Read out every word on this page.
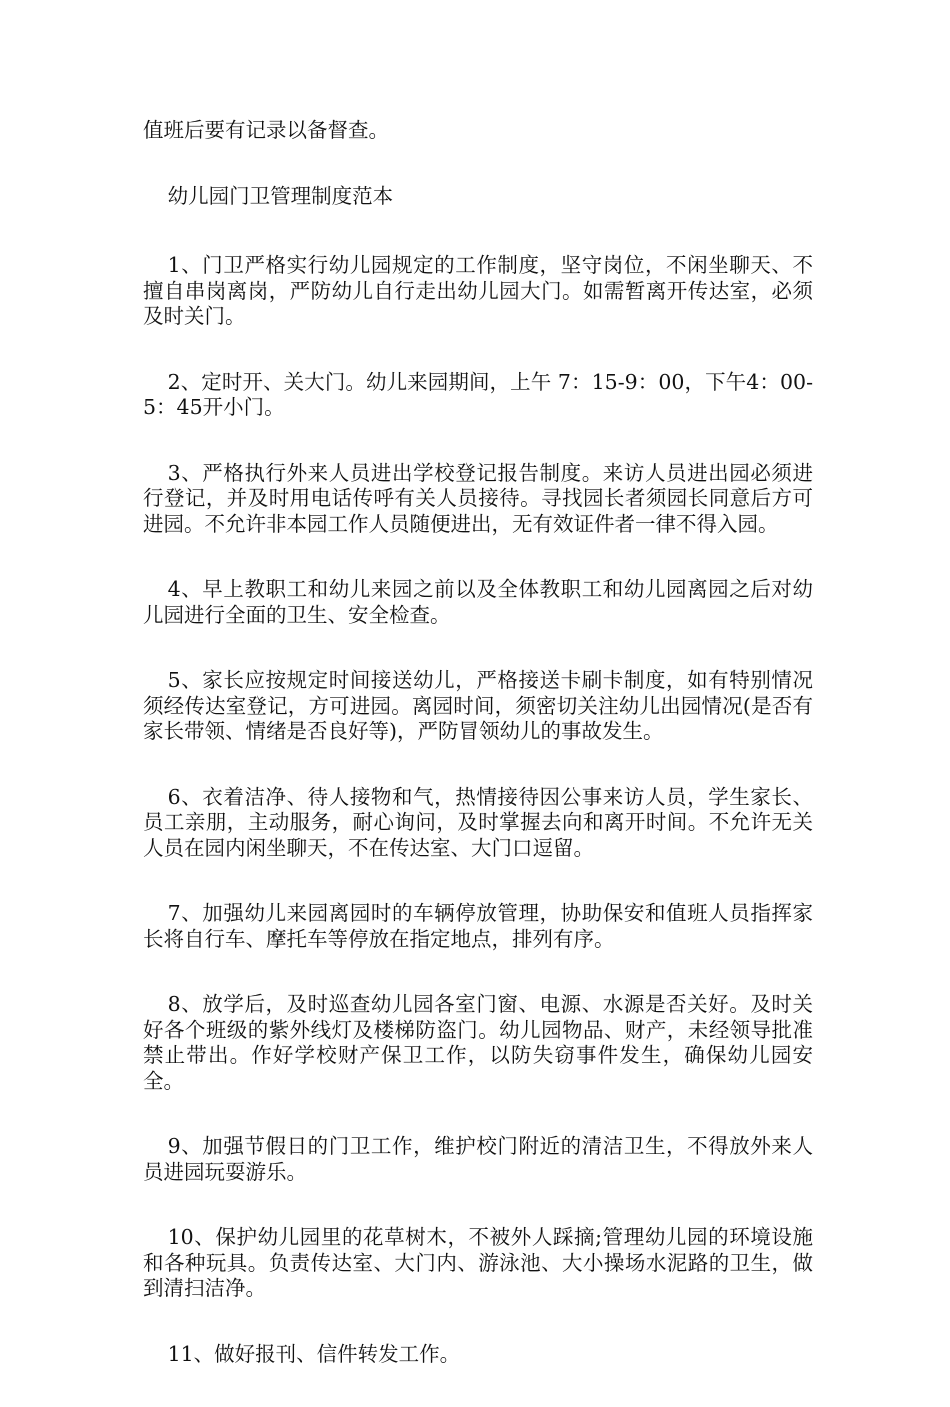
值班后要有记录以备督查。

幼儿园门卫管理制度范本

1、门卫严格实行幼儿园规定的工作制度，坚守岗位，不闲坐聊天、不擅自串岗离岗，严防幼儿自行走出幼儿园大门。如需暂离开传达室，必须及时关门。

2、定时开、关大门。幼儿来园期间，上午 7：15-9：00，下午4：00-5：45开小门。

3、严格执行外来人员进出学校登记报告制度。来访人员进出园必须进行登记，并及时用电话传呼有关人员接待。寻找园长者须园长同意后方可进园。不允许非本园工作人员随便进出，无有效证件者一律不得入园。

4、早上教职工和幼儿来园之前以及全体教职工和幼儿园离园之后对幼儿园进行全面的卫生、安全检查。

5、家长应按规定时间接送幼儿，严格接送卡刷卡制度，如有特别情况须经传达室登记，方可进园。离园时间，须密切关注幼儿出园情况(是否有家长带领、情绪是否良好等)，严防冒领幼儿的事故发生。

6、衣着洁净、待人接物和气，热情接待因公事来访人员，学生家长、员工亲朋，主动服务，耐心询问，及时掌握去向和离开时间。不允许无关人员在园内闲坐聊天，不在传达室、大门口逗留。

7、加强幼儿来园离园时的车辆停放管理，协助保安和值班人员指挥家长将自行车、摩托车等停放在指定地点，排列有序。

8、放学后，及时巡查幼儿园各室门窗、电源、水源是否关好。及时关好各个班级的紫外线灯及楼梯防盗门。幼儿园物品、财产，未经领导批准禁止带出。作好学校财产保卫工作，以防失窃事件发生，确保幼儿园安全。

9、加强节假日的门卫工作，维护校门附近的清洁卫生，不得放外来人员进园玩耍游乐。

10、保护幼儿园里的花草树木，不被外人踩摘;管理幼儿园的环境设施和各种玩具。负责传达室、大门内、游泳池、大小操场水泥路的卫生，做到清扫洁净。

11、做好报刊、信件转发工作。
